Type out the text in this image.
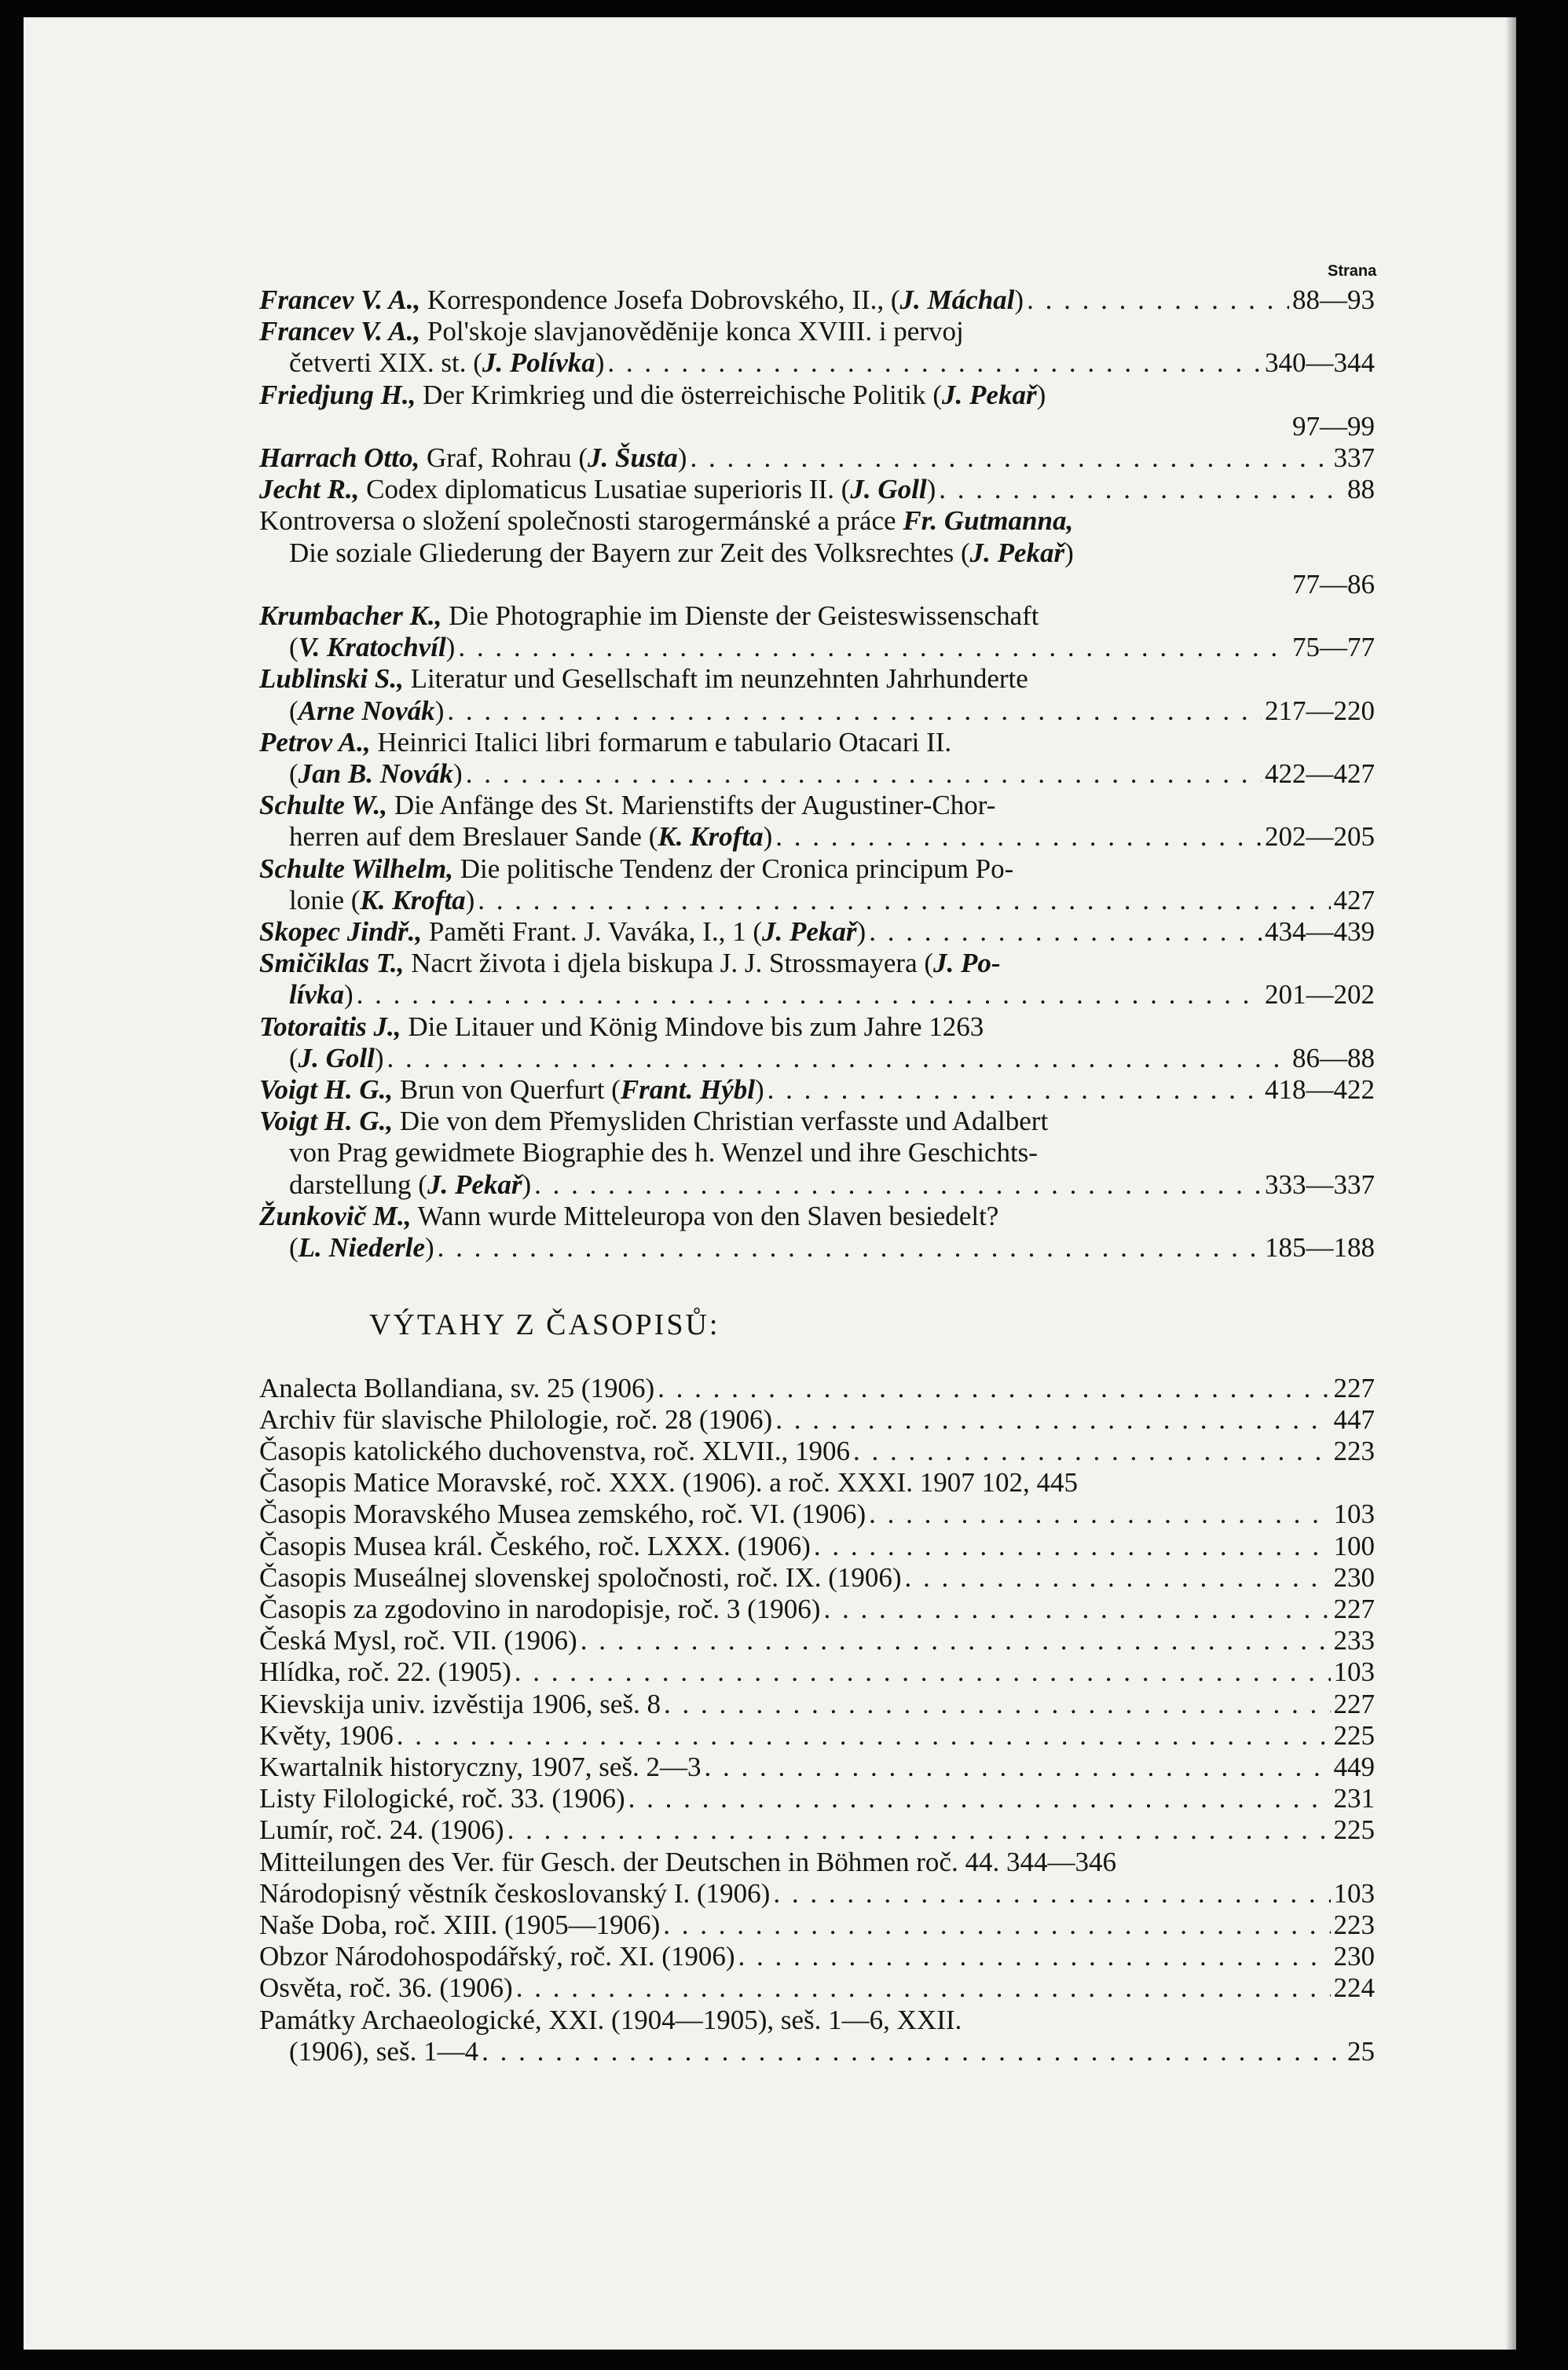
Strana
Francev V. A., Korrespondence Josefa Dobrovského, II., (J. Máchal) . . .	88—93
Francev V. A., Pol'skoje slavjanovědĕnije konca XVIII. i pervoj
četverti XIX. st. (J. Polívka) . . .	340—344
Friedjung H., Der Krimkrieg und die österreichische Politik (J. Pekař)
97—99
Harrach Otto, Graf, Rohrau (J. Šusta) . . .	337
Jecht R., Codex diplomaticus Lusatiae superioris II. (J. Goll) . . .	88
Kontroversa o složení společnosti starogermánské a práce Fr. Gutmanna,
Die soziale Gliederung der Bayern zur Zeit des Volksrechtes (J. Pekař)
77—86
Krumbacher K., Die Photographie im Dienste der Geisteswissenschaft
(V. Kratochvíl) . . .	75—77
Lublinski S., Literatur und Gesellschaft im neunzehnten Jahrhunderte
(Arne Novák) . . .	217—220
Petrov A., Heinrici Italici libri formarum e tabulario Otacari II.
(Jan B. Novák) . . .	422—427
Schulte W., Die Anfänge des St. Marienstifts der Augustiner-Chor-
herren auf dem Breslauer Sande (K. Krofta) . . .	202—205
Schulte Wilhelm, Die politische Tendenz der Cronica principum Po-
lonie (K. Krofta) . . .	427
Skopec Jindř., Paměti Frant. J. Vaváka, I., 1 (J. Pekař) . . .	434—439
Smičiklas T., Nacrt života i djela biskupa J. J. Strossmayera (J. Po-
lívka) . . .	201—202
Totoraitis J., Die Litauer und König Mindove bis zum Jahre 1263
(J. Goll) . . .	86—88
Voigt H. G., Brun von Querfurt (Frant. Hýbl) . . .	418—422
Voigt H. G., Die von dem Přemysliden Christian verfasste und Adalbert
von Prag gewidmete Biographie des h. Wenzel und ihre Geschichts-
darstellung (J. Pekař) . . .	333—337
Žunkovič M., Wann wurde Mitteleuropa von den Slaven besiedelt?
(L. Niederle) . . .	185—188
VÝTAHY Z ČASOPISŮ:
Analecta Bollandiana, sv. 25 (1906) . . .	227
Archiv für slavische Philologie, roč. 28 (1906) . . .	447
Časopis katolického duchovenstva, roč. XLVII., 1906 . . .	223
Časopis Matice Moravské, roč. XXX. (1906). a roč. XXXI. 1907 102, 445
Časopis Moravského Musea zemského, roč. VI. (1906) . . .	103
Časopis Musea král. Českého, roč. LXXX. (1906) . . .	100
Časopis Museálnej slovenskej spoločnosti, roč. IX. (1906) . . .	230
Časopis za zgodovino in narodopisje, roč. 3 (1906) . . .	227
Česká Mysl, roč. VII. (1906) . . .	233
Hlídka, roč. 22. (1905) . . .	103
Kievskija univ. izvěstija 1906, seš. 8 . . .	227
Květy, 1906 . . .	225
Kwartalnik historyczny, 1907, seš. 2—3 . . .	449
Listy Filologické, roč. 33. (1906) . . .	231
Lumír, roč. 24. (1906) . . .	225
Mitteilungen des Ver. für Gesch. der Deutschen in Böhmen roč. 44. 344—346
Národopisný věstník českoslovanský I. (1906) . . .	103
Naše Doba, roč. XIII. (1905—1906) . . .	223
Obzor Národohospodářský, roč. XI. (1906) . . .	230
Osvěta, roč. 36. (1906) . . .	224
Památky Archaeologické, XXI. (1904—1905), seš. 1—6, XXII.
(1906), seš. 1—4 . . .	25
